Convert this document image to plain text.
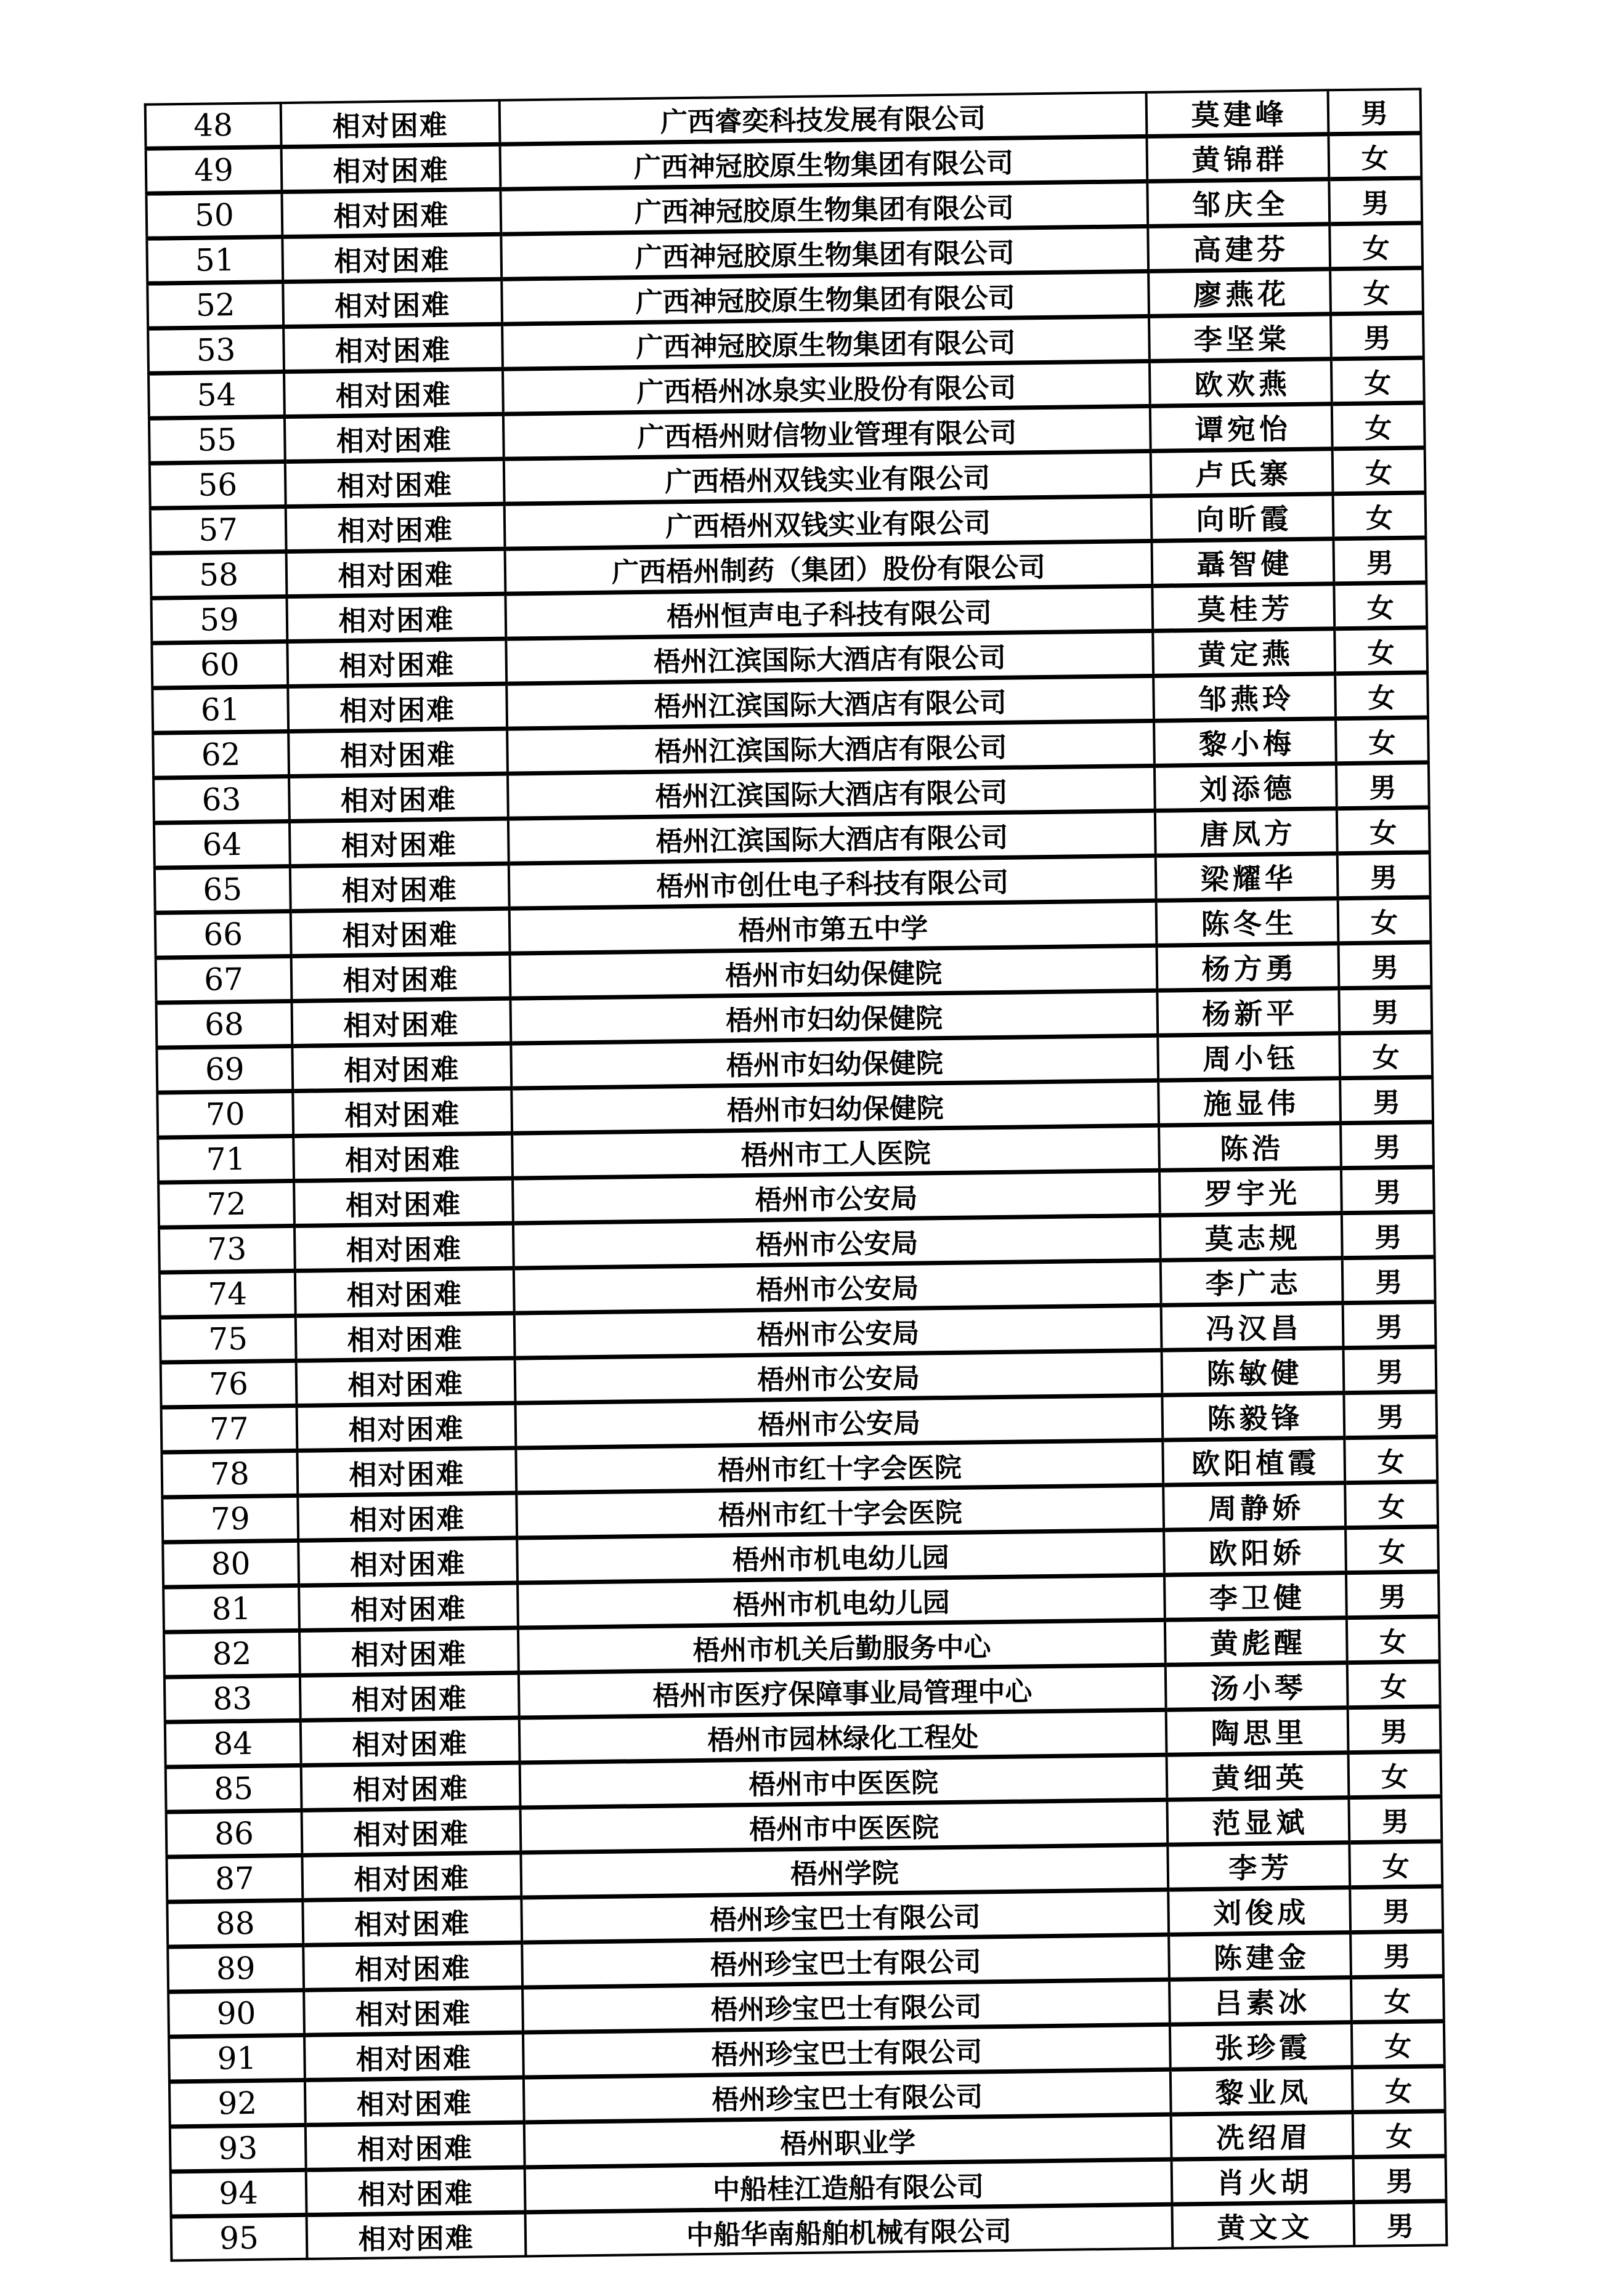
48	相对困难	广西睿奕科技发展有限公司	莫建峰	男
49	相对困难	广西神冠胶原生物集团有限公司	黄锦群	女
50	相对困难	广西神冠胶原生物集团有限公司	邹庆全	男
51	相对困难	广西神冠胶原生物集团有限公司	高建芬	女
52	相对困难	广西神冠胶原生物集团有限公司	廖燕花	女
53	相对困难	广西神冠胶原生物集团有限公司	李坚棠	男
54	相对困难	广西梧州冰泉实业股份有限公司	欧欢燕	女
55	相对困难	广西梧州财信物业管理有限公司	谭宛怡	女
56	相对困难	广西梧州双钱实业有限公司	卢氏寨	女
57	相对困难	广西梧州双钱实业有限公司	向昕霞	女
58	相对困难	广西梧州制药（集团）股份有限公司	聶智健	男
59	相对困难	梧州恒声电子科技有限公司	莫桂芳	女
60	相对困难	梧州江滨国际大酒店有限公司	黄定燕	女
61	相对困难	梧州江滨国际大酒店有限公司	邹燕玲	女
62	相对困难	梧州江滨国际大酒店有限公司	黎小梅	女
63	相对困难	梧州江滨国际大酒店有限公司	刘添德	男
64	相对困难	梧州江滨国际大酒店有限公司	唐凤方	女
65	相对困难	梧州市创仕电子科技有限公司	梁耀华	男
66	相对困难	梧州市第五中学	陈冬生	女
67	相对困难	梧州市妇幼保健院	杨方勇	男
68	相对困难	梧州市妇幼保健院	杨新平	男
69	相对困难	梧州市妇幼保健院	周小钰	女
70	相对困难	梧州市妇幼保健院	施显伟	男
71	相对困难	梧州市工人医院	陈浩	男
72	相对困难	梧州市公安局	罗宇光	男
73	相对困难	梧州市公安局	莫志规	男
74	相对困难	梧州市公安局	李广志	男
75	相对困难	梧州市公安局	冯汉昌	男
76	相对困难	梧州市公安局	陈敏健	男
77	相对困难	梧州市公安局	陈毅锋	男
78	相对困难	梧州市红十字会医院	欧阳植霞	女
79	相对困难	梧州市红十字会医院	周静娇	女
80	相对困难	梧州市机电幼儿园	欧阳娇	女
81	相对困难	梧州市机电幼儿园	李卫健	男
82	相对困难	梧州市机关后勤服务中心	黄彪醒	女
83	相对困难	梧州市医疗保障事业局管理中心	汤小琴	女
84	相对困难	梧州市园林绿化工程处	陶思里	男
85	相对困难	梧州市中医医院	黄细英	女
86	相对困难	梧州市中医医院	范显斌	男
87	相对困难	梧州学院	李芳	女
88	相对困难	梧州珍宝巴士有限公司	刘俊成	男
89	相对困难	梧州珍宝巴士有限公司	陈建金	男
90	相对困难	梧州珍宝巴士有限公司	吕素冰	女
91	相对困难	梧州珍宝巴士有限公司	张珍霞	女
92	相对困难	梧州珍宝巴士有限公司	黎业凤	女
93	相对困难	梧州职业学	冼绍眉	女
94	相对困难	中船桂江造船有限公司	肖火胡	男
95	相对困难	中船华南船舶机械有限公司	黄文文	男
